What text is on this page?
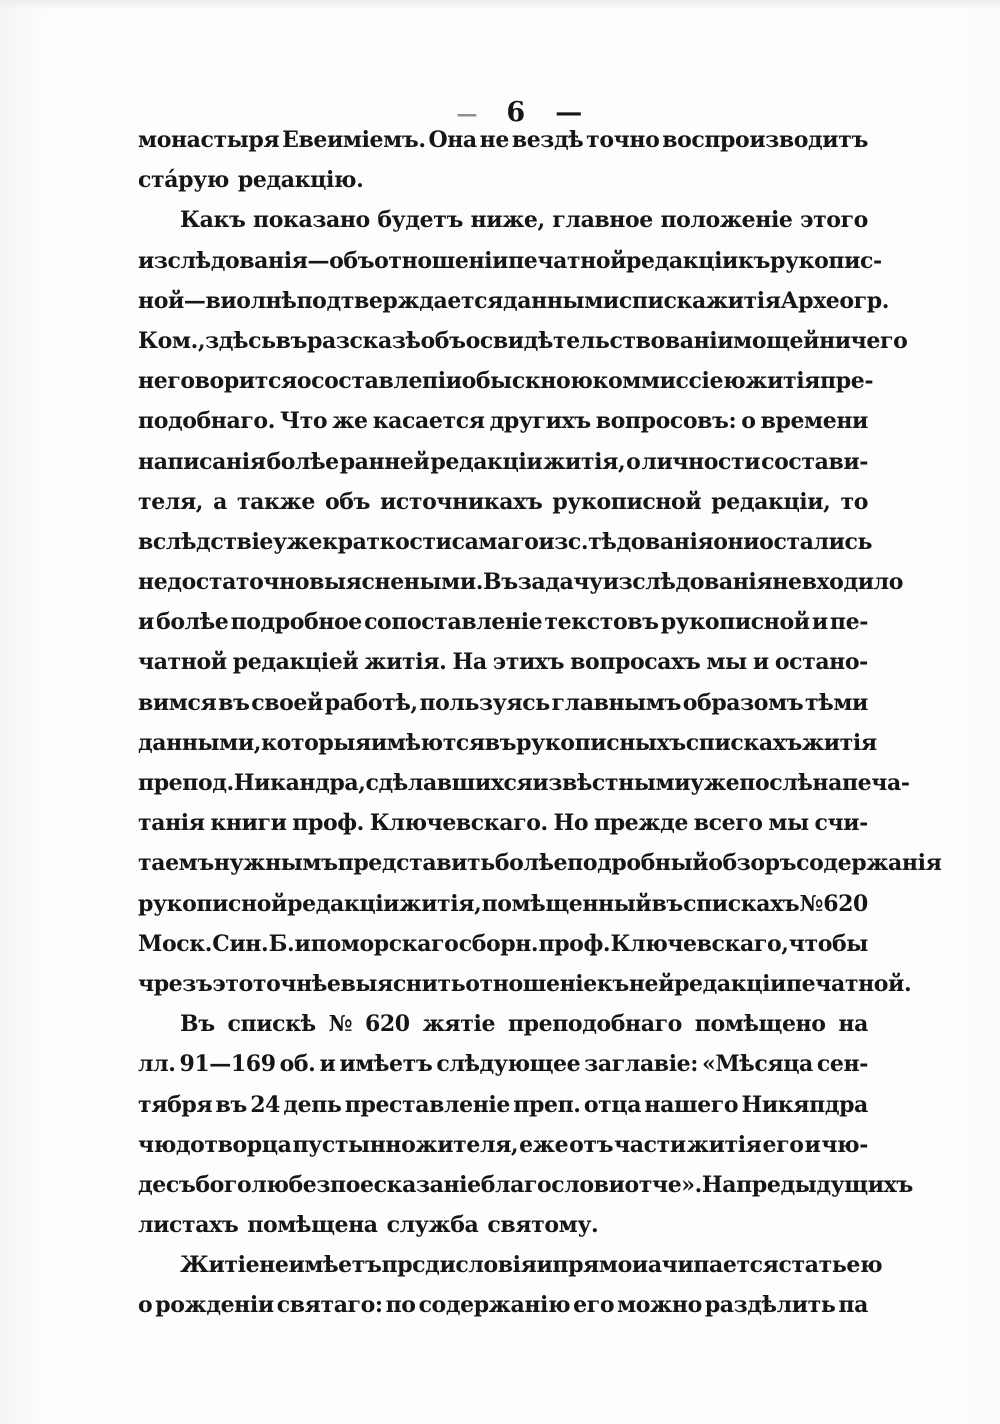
— 6 —

монастыря Евеиміемъ. Она не вездѣ точно воспроизводитъ
ста́рую редакцію.
Какъ показано будетъ ниже, главное положеніе этого
изслѣдованія—объ отношеніи печатной редакціи къ рукопис-
ной—виолнѣ подтверждается данными списка житія Археогр.
Ком., здѣсь въ разсказѣ объ освидѣтельствованіи мощей ничего
не говорится о составлепіи обыскною коммиссіею житія пре-
подобнаго. Что же касается другихъ вопросовъ: о времени
написанія болѣе ранней редакціи житія, о личности состави-
теля, а также объ источникахъ рукописной редакціи, то
вслѣдствіе уже краткости самаго изс.тѣдованія они остались
недостаточно выяснеными. Въ задачу изслѣдованія не входило
и болѣе подробное сопоставленіе текстовъ рукописной и пе-
чатной редакціей житія. На этихъ вопросахъ мы и остано-
вимся въ своей работѣ, пользуясь главнымъ образомъ тѣми
данными, которыя имѣются въ рукописныхъ спискахъ житія
препод. Никандра, сдѣлавшихся извѣстными уже послѣ напеча-
танія книги проф. Ключевскаго. Но прежде всего мы счи-
таемъ нужнымъ представить болѣе подробный обзоръ содержанія
рукописной редакціи житія, помѣщенный въ спискахъ № 620
Моск. Син. Б. и поморскаго сборн. проф. Ключевскаго, чтобы
чрезъ это точнѣе выяснить отношеніе къ ней редакціи печатной.
Въ спискѣ № 620 жятіе преподобнаго помѣщено на
лл. 91—169 об. и имѣетъ слѣдующее заглавіе: «Мѣсяца сен-
тября въ 24 депь преставленіе преп. отца нашего Никяпдра
чюдотворца пустынножителя, еже отъ части житія его и чю-
десъ боголюбезпое сказаніе благослови отче». На предыдущихъ
листахъ помѣщена служба святому.
Житіе не имѣетъ прсдисловія и прямо иачипается статьею
о рожденіи святаго: по содержанію его можно раздѣлить па
